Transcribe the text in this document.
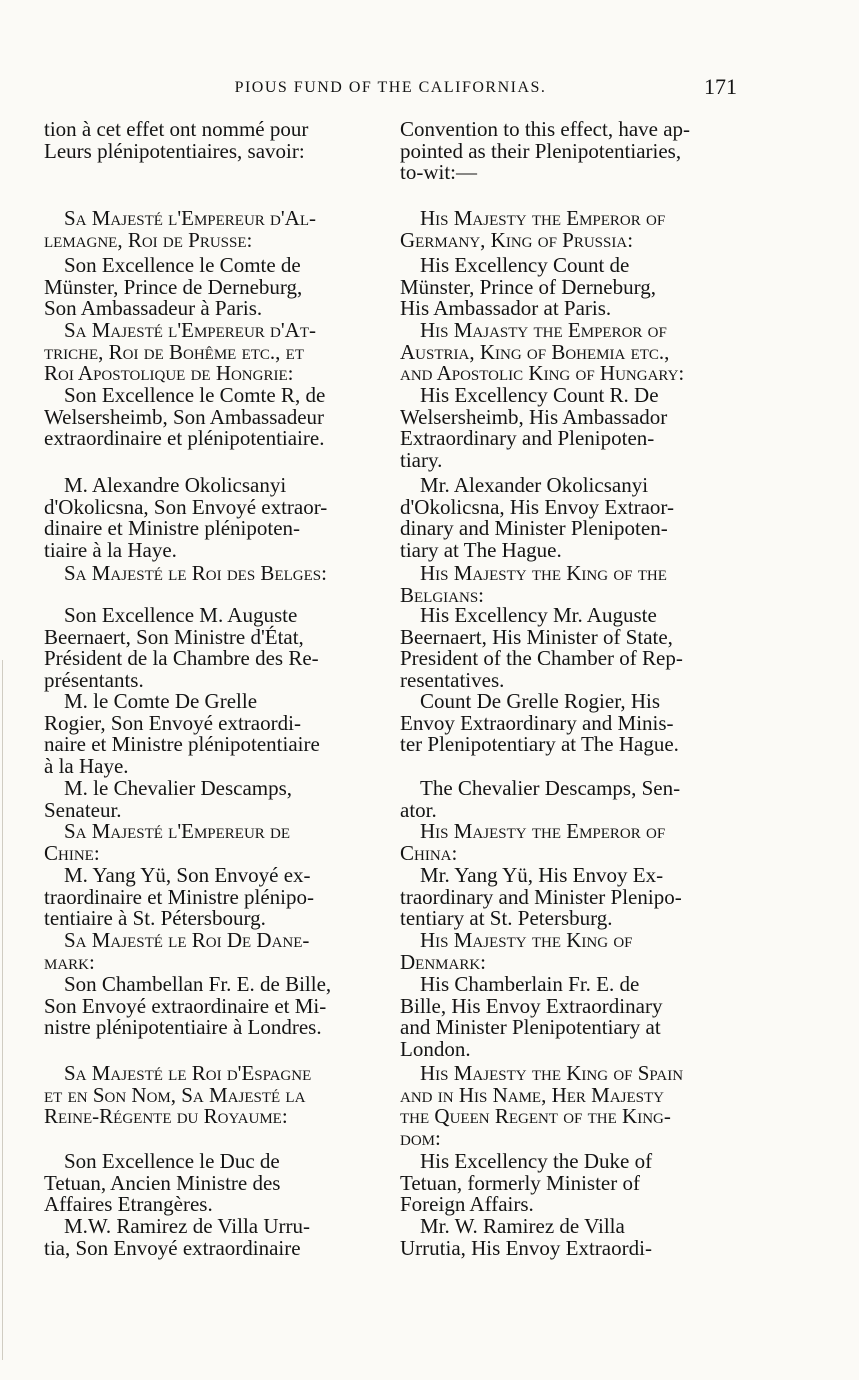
PIOUS FUND OF THE CALIFORNIAS.	171

tion à cet effet ont nommé pour
Leurs plénipotentiaires, savoir:

Sa Majesté l'Empereur d'Al-
lemagne, Roi de Prusse:

Son Excellence le Comte de
Münster, Prince de Derneburg,
Son Ambassadeur à Paris.

Sa Majesté l'Empereur d'At-
triche, Roi de Bohême etc., et
Roi Apostolique de Hongrie:

Son Excellence le Comte R, de
Welsersheimb, Son Ambassadeur
extraordinaire et plénipotentiaire.

M. Alexandre Okolicsanyi
d'Okolicsna, Son Envoyé extraor-
dinaire et Ministre plénipoten-
tiaire à la Haye.

Sa Majesté le Roi des Belges:

Son Excellence M. Auguste
Beernaert, Son Ministre d'État,
Président de la Chambre des Re-
présentants.

M. le Comte De Grelle
Rogier, Son Envoyé extraordi-
naire et Ministre plénipotentiaire
à la Haye.

M. le Chevalier Descamps,
Senateur.

Sa Majesté l'Empereur de
Chine:

M. Yang Yü, Son Envoyé ex-
traordinaire et Ministre plénipo-
tentiaire à St. Pétersbourg.

Sa Majesté le Roi De Dane-
mark:

Son Chambellan Fr. E. de Bille,
Son Envoyé extraordinaire et Mi-
nistre plénipotentiaire à Londres.

Sa Majesté le Roi d'Espagne
et en Son Nom, Sa Majesté la
Reine-Régente du Royaume:

Son Excellence le Duc de
Tetuan, Ancien Ministre des
Affaires Etrangères.

M.W. Ramirez de Villa Urru-
tia, Son Envoyé extraordinaire

Convention to this effect, have ap-
pointed as their Plenipotentiaries,
to-wit:—

His Majesty the Emperor of
Germany, King of Prussia:

His Excellency Count de
Münster, Prince of Derneburg,
His Ambassador at Paris.

His Majasty the Emperor of
Austria, King of Bohemia etc.,
and Apostolic King of Hungary:

His Excellency Count R. De
Welsersheimb, His Ambassador
Extraordinary and Plenipoten-
tiary.

Mr. Alexander Okolicsanyi
d'Okolicsna, His Envoy Extraor-
dinary and Minister Plenipoten-
tiary at The Hague.

His Majesty the King of the
Belgians:

His Excellency Mr. Auguste
Beernaert, His Minister of State,
President of the Chamber of Rep-
resentatives.

Count De Grelle Rogier, His
Envoy Extraordinary and Minis-
ter Plenipotentiary at The Hague.

The Chevalier Descamps, Sen-
ator.

His Majesty the Emperor of
China:

Mr. Yang Yü, His Envoy Ex-
traordinary and Minister Plenipo-
tentiary at St. Petersburg.

His Majesty the King of
Denmark:

His Chamberlain Fr. E. de
Bille, His Envoy Extraordinary
and Minister Plenipotentiary at
London.

His Majesty the King of Spain
and in His Name, Her Majesty
the Queen Regent of the King-
dom:

His Excellency the Duke of
Tetuan, formerly Minister of
Foreign Affairs.

Mr. W. Ramirez de Villa
Urrutia, His Envoy Extraordi-
